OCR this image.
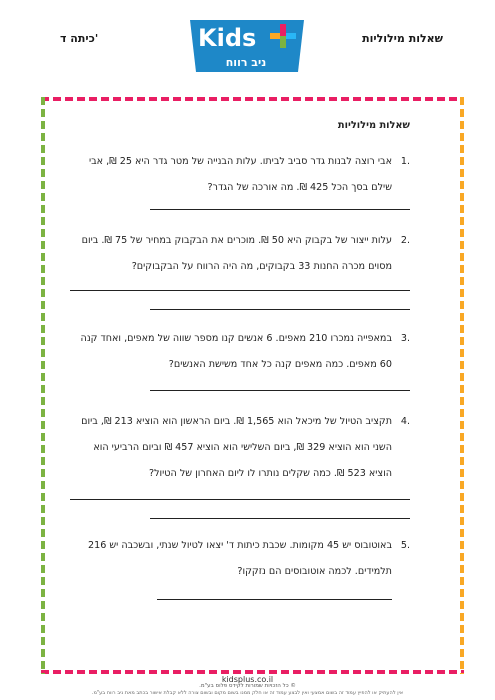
כיתה ד'	שאלות מילוליות
Kids
ניב רווח
שאלות מילוליות
.1
אבי רוצה לבנות גדר סביב לביתו. עלות הבנייה של מטר גדר היא 25 ₪, אבי שילם בסך הכל 425 ₪. מה אורכה של הגדר?
.2
עלות ייצור של בקבוק היא 50 ₪. מוכרים את הבקבוק במחיר של 75 ₪. ביום מסוים מכרה החנות 33 בקבוקים, מה היה הרווח על הבקבוקים?
.3
במאפייה נמכרו 210 מאפים. 6 אנשים קנו מספר שווה של מאפים, ואחד קנה 60 מאפים. כמה מאפים קנה כל אחד משישת האנשים?
.4
תקציב הטיול של מיכאל הוא 1,565 ₪. ביום הראשון הוא הוציא 213 ₪, ביום השני הוא הוציא 329 ₪, ביום השלישי הוא הוציא 457 ₪ וביום הרביעי הוא הוציא 523 ₪. כמה שקלים נותרו לו ליום האחרון של הטיול?
.5
באוטובוס יש 45 מקומות. שכבת כיתות ד' יצאו לטיול שנתי, ובשכבה יש 216 תלמידים. לכמה אוטובוסים הם נזקקו?
kidsplus.co.il
© כל הזכויות שמורות לקידס פלוס בע"מ.
אין להעתיק או להפיץ עמוד זה בשום אמצעי ואין לבצע עמוד זה או חלק ממנו בשום מקום ובשום צורה ללא קבלת אישור בכתב מאת ניב רווח בע"מ.
